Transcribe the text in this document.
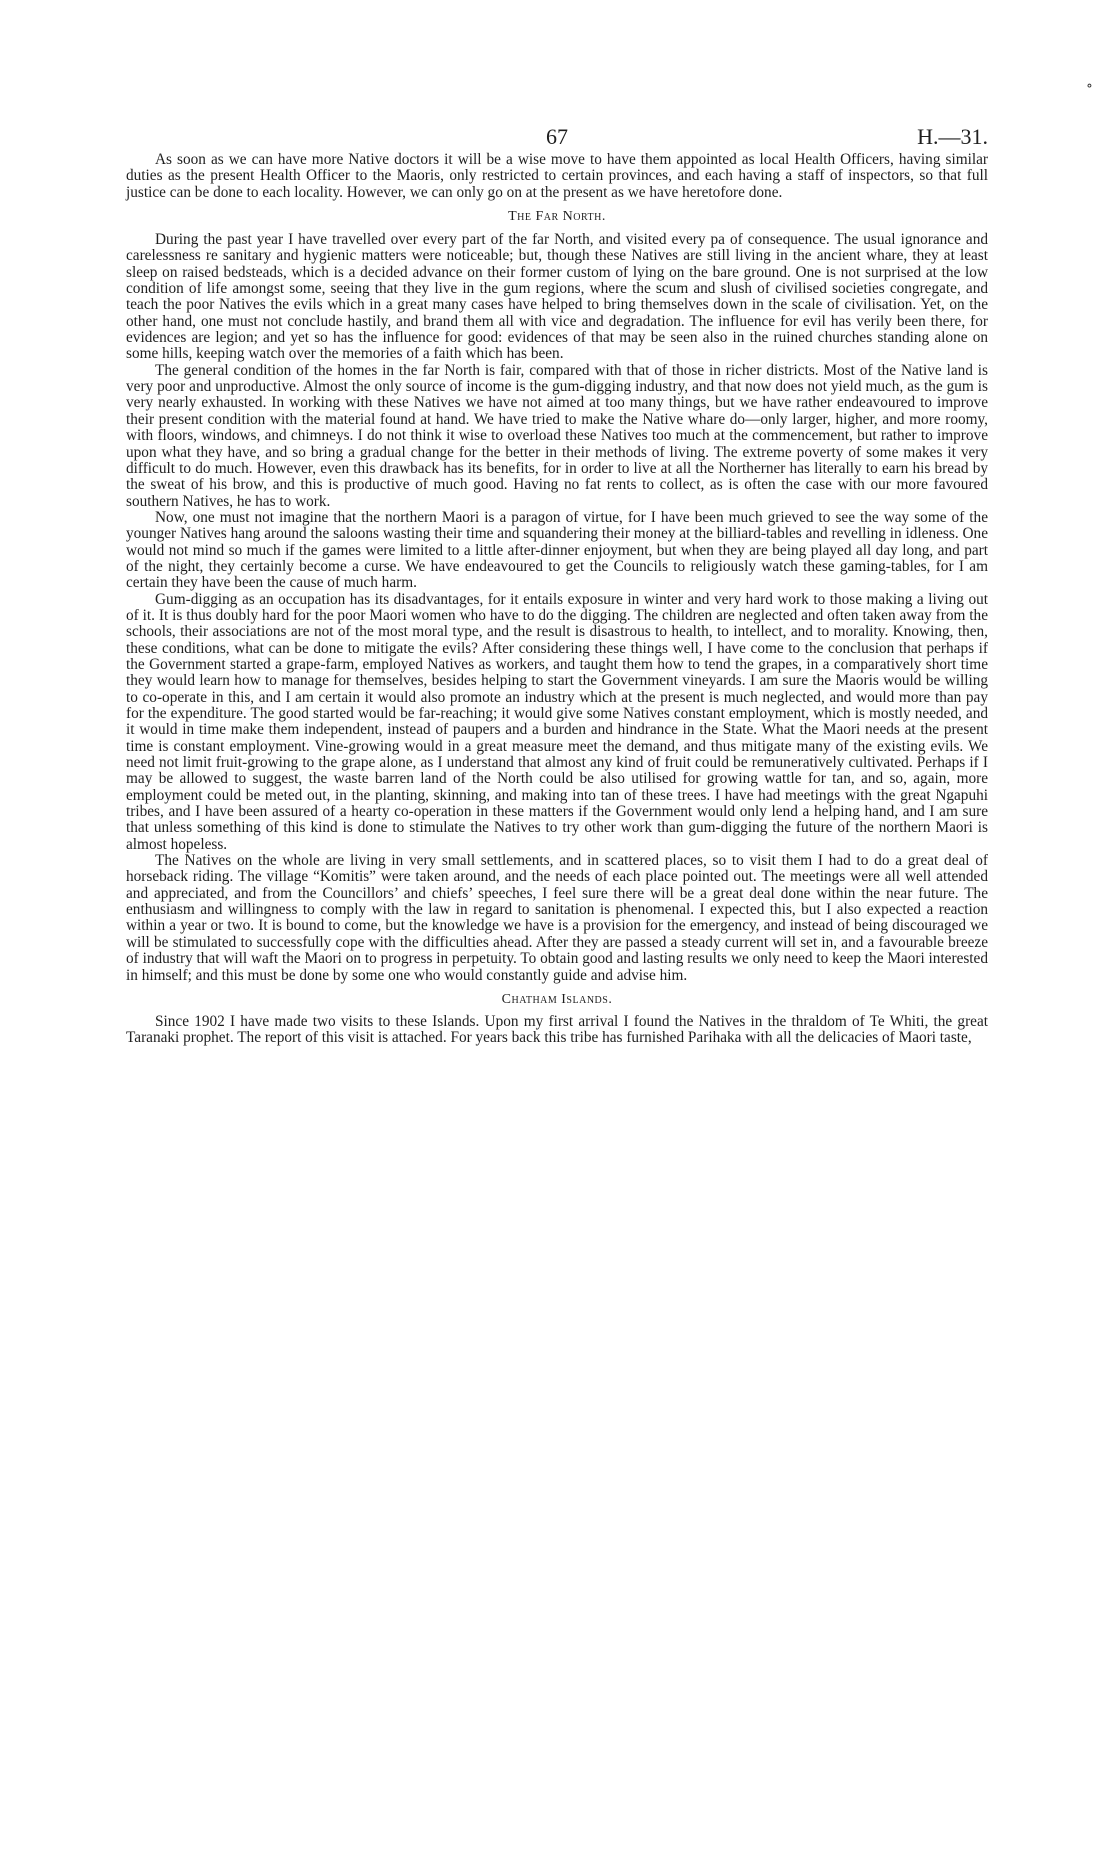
67	H.—31.

As soon as we can have more Native doctors it will be a wise move to have them appointed as local Health Officers, having similar duties as the present Health Officer to the Maoris, only restricted to certain provinces, and each having a staff of inspectors, so that full justice can be done to each locality. However, we can only go on at the present as we have heretofore done.

The Far North.

During the past year I have travelled over every part of the far North, and visited every pa of consequence. The usual ignorance and carelessness re sanitary and hygienic matters were noticeable; but, though these Natives are still living in the ancient whare, they at least sleep on raised bedsteads, which is a decided advance on their former custom of lying on the bare ground. One is not surprised at the low condition of life amongst some, seeing that they live in the gum regions, where the scum and slush of civilised societies congregate, and teach the poor Natives the evils which in a great many cases have helped to bring themselves down in the scale of civilisation. Yet, on the other hand, one must not conclude hastily, and brand them all with vice and degradation. The influence for evil has verily been there, for evidences are legion; and yet so has the influence for good: evidences of that may be seen also in the ruined churches standing alone on some hills, keeping watch over the memories of a faith which has been.

The general condition of the homes in the far North is fair, compared with that of those in richer districts. Most of the Native land is very poor and unproductive. Almost the only source of income is the gum-digging industry, and that now does not yield much, as the gum is very nearly exhausted. In working with these Natives we have not aimed at too many things, but we have rather endeavoured to improve their present condition with the material found at hand. We have tried to make the Native whare do—only larger, higher, and more roomy, with floors, windows, and chimneys. I do not think it wise to overload these Natives too much at the commencement, but rather to improve upon what they have, and so bring a gradual change for the better in their methods of living. The extreme poverty of some makes it very difficult to do much. However, even this drawback has its benefits, for in order to live at all the Northerner has literally to earn his bread by the sweat of his brow, and this is productive of much good. Having no fat rents to collect, as is often the case with our more favoured southern Natives, he has to work.

Now, one must not imagine that the northern Maori is a paragon of virtue, for I have been much grieved to see the way some of the younger Natives hang around the saloons wasting their time and squandering their money at the billiard-tables and revelling in idleness. One would not mind so much if the games were limited to a little after-dinner enjoyment, but when they are being played all day long, and part of the night, they certainly become a curse. We have endeavoured to get the Councils to religiously watch these gaming-tables, for I am certain they have been the cause of much harm.

Gum-digging as an occupation has its disadvantages, for it entails exposure in winter and very hard work to those making a living out of it. It is thus doubly hard for the poor Maori women who have to do the digging. The children are neglected and often taken away from the schools, their associations are not of the most moral type, and the result is disastrous to health, to intellect, and to morality. Knowing, then, these conditions, what can be done to mitigate the evils? After considering these things well, I have come to the conclusion that perhaps if the Government started a grape-farm, employed Natives as workers, and taught them how to tend the grapes, in a comparatively short time they would learn how to manage for themselves, besides helping to start the Government vineyards. I am sure the Maoris would be willing to co-operate in this, and I am certain it would also promote an industry which at the present is much neglected, and would more than pay for the expenditure. The good started would be far-reaching; it would give some Natives constant employment, which is mostly needed, and it would in time make them independent, instead of paupers and a burden and hindrance in the State. What the Maori needs at the present time is constant employment. Vine-growing would in a great measure meet the demand, and thus mitigate many of the existing evils. We need not limit fruit-growing to the grape alone, as I understand that almost any kind of fruit could be remuneratively cultivated. Perhaps if I may be allowed to suggest, the waste barren land of the North could be also utilised for growing wattle for tan, and so, again, more employment could be meted out, in the planting, skinning, and making into tan of these trees. I have had meetings with the great Ngapuhi tribes, and I have been assured of a hearty co-operation in these matters if the Government would only lend a helping hand, and I am sure that unless something of this kind is done to stimulate the Natives to try other work than gum-digging the future of the northern Maori is almost hopeless.

The Natives on the whole are living in very small settlements, and in scattered places, so to visit them I had to do a great deal of horseback riding. The village “Komitis” were taken around, and the needs of each place pointed out. The meetings were all well attended and appreciated, and from the Councillors’ and chiefs’ speeches, I feel sure there will be a great deal done within the near future. The enthusiasm and willingness to comply with the law in regard to sanitation is phenomenal. I expected this, but I also expected a reaction within a year or two. It is bound to come, but the knowledge we have is a provision for the emergency, and instead of being discouraged we will be stimulated to successfully cope with the difficulties ahead. After they are passed a steady current will set in, and a favourable breeze of industry that will waft the Maori on to progress in perpetuity. To obtain good and lasting results we only need to keep the Maori interested in himself; and this must be done by some one who would constantly guide and advise him.

Chatham Islands.

Since 1902 I have made two visits to these Islands. Upon my first arrival I found the Natives in the thraldom of Te Whiti, the great Taranaki prophet. The report of this visit is attached. For years back this tribe has furnished Parihaka with all the delicacies of Maori taste,

∘
